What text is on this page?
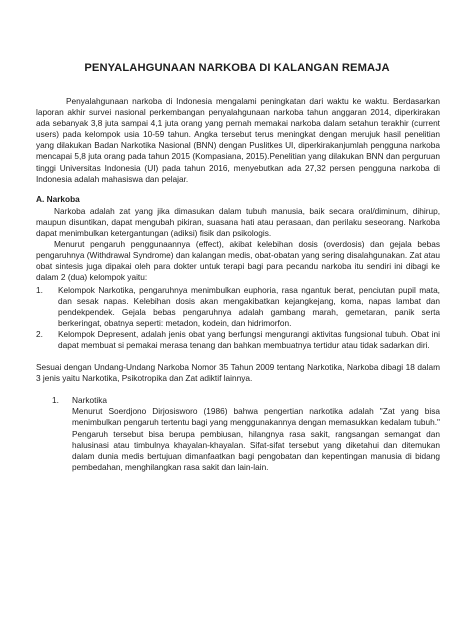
PENYALAHGUNAAN NARKOBA DI KALANGAN REMAJA

Penyalahgunaan narkoba di Indonesia mengalami peningkatan dari waktu ke waktu. Berdasarkan laporan akhir survei nasional perkembangan penyalahgunaan narkoba tahun anggaran 2014, diperkirakan ada sebanyak 3,8 juta sampai 4,1 juta orang yang pernah memakai narkoba dalam setahun terakhir (current users) pada kelompok usia 10-59 tahun. Angka tersebut terus meningkat dengan merujuk hasil penelitian yang dilakukan Badan Narkotika Nasional (BNN) dengan Puslitkes UI, diperkirakanjumlah pengguna narkoba mencapai 5,8 juta orang pada tahun 2015 (Kompasiana, 2015).Penelitian yang dilakukan BNN dan perguruan tinggi Universitas Indonesia (UI) pada tahun 2016, menyebutkan ada 27,32 persen pengguna narkoba di Indonesia adalah mahasiswa dan pelajar.

A. Narkoba

Narkoba adalah zat yang jika dimasukan dalam tubuh manusia, baik secara oral/diminum, dihirup, maupun disuntikan, dapat mengubah pikiran, suasana hati atau perasaan, dan perilaku seseorang. Narkoba dapat menimbulkan ketergantungan (adiksi) fisik dan psikologis.

Menurut pengaruh penggunaannya (effect), akibat kelebihan dosis (overdosis) dan gejala bebas pengaruhnya (Withdrawal Syndrome) dan kalangan medis, obat-obatan yang sering disalahgunakan. Zat atau obat sintesis juga dipakai oleh para dokter untuk terapi bagi para pecandu narkoba itu sendiri ini dibagi ke dalam 2 (dua) kelompok yaitu:

1. Kelompok Narkotika, pengaruhnya menimbulkan euphoria, rasa ngantuk berat, penciutan pupil mata, dan sesak napas. Kelebihan dosis akan mengakibatkan kejangkejang, koma, napas lambat dan pendekpendek. Gejala bebas pengaruhnya adalah gambang marah, gemetaran, panik serta berkeringat, obatnya seperti: metadon, kodein, dan hidrimorfon.
2. Kelompok Depresent, adalah jenis obat yang berfungsi mengurangi aktivitas fungsional tubuh. Obat ini dapat membuat si pemakai merasa tenang dan bahkan membuatnya tertidur atau tidak sadarkan diri.

Sesuai dengan Undang-Undang Narkoba Nomor 35 Tahun 2009 tentang Narkotika, Narkoba dibagi 18 dalam 3 jenis yaitu Narkotika, Psikotropika dan Zat adiktif lainnya.

1. Narkotika

Menurut Soerdjono Dirjosisworo (1986) bahwa pengertian narkotika adalah "Zat yang bisa menimbulkan pengaruh tertentu bagi yang menggunakannya dengan memasukkan kedalam tubuh." Pengaruh tersebut bisa berupa pembiusan, hilangnya rasa sakit, rangsangan semangat dan halusinasi atau timbulnya khayalan-khayalan. Sifat-sifat tersebut yang diketahui dan ditemukan dalam dunia medis bertujuan dimanfaatkan bagi pengobatan dan kepentingan manusia di bidang pembedahan, menghilangkan rasa sakit dan lain-lain.
